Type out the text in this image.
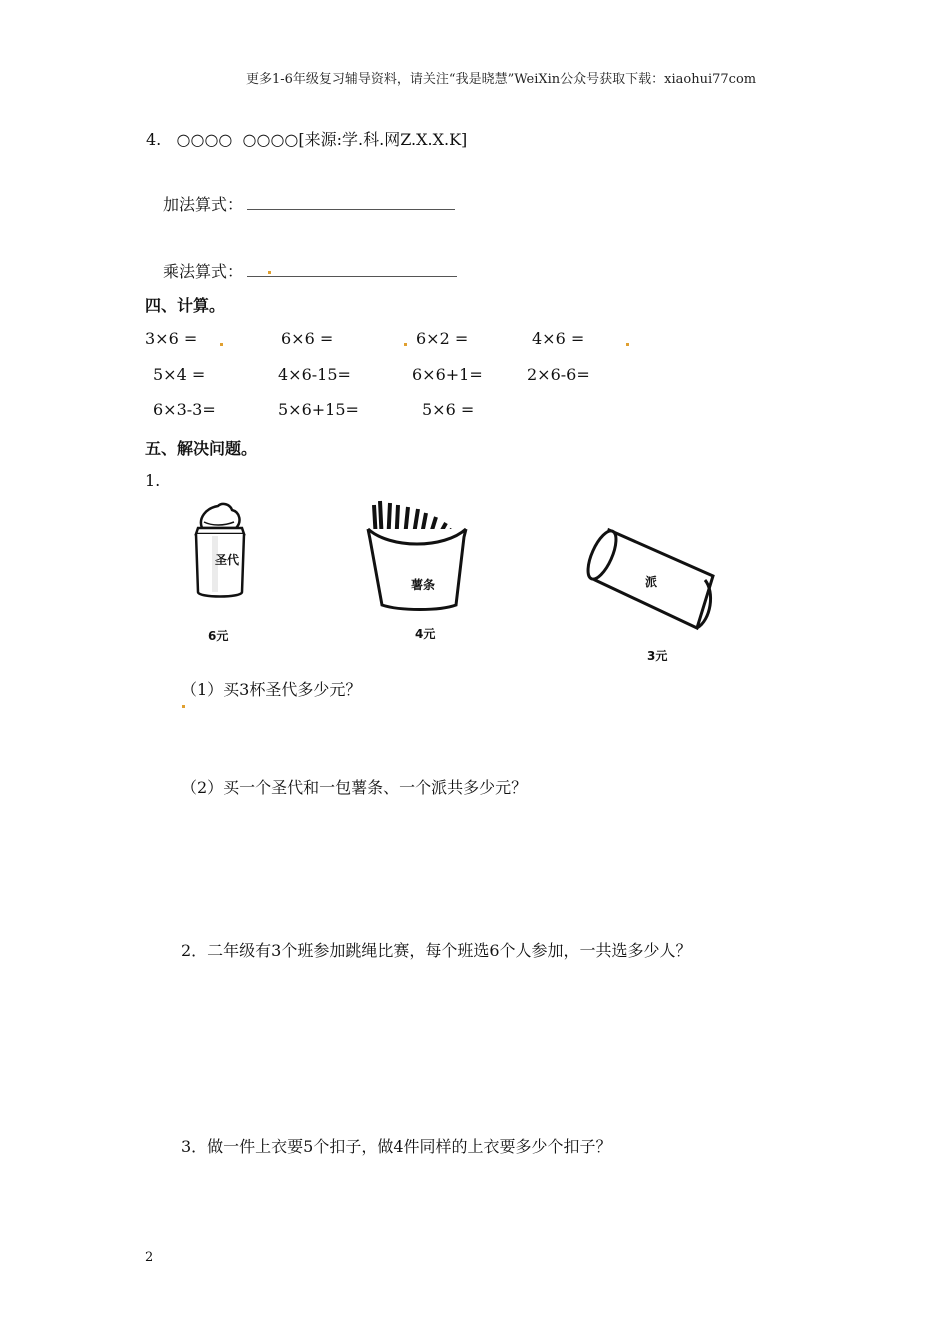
更多1-6年级复习辅导资料，请关注“我是晓慧”WeiXin公众号获取下载：xiaohui77com
4. ○○○○ ○○○○[来源:学.科.网Z.X.X.K]
加法算式：
乘法算式：
四、计算。
3×6 =	6×6 =	6×2 =	4×6 =
5×4 =	4×6-15=	6×6+1=	2×6-6=
6×3-3=	5×6+15=	5×6 =
五、解决问题。
1.
圣代
6元
薯条
4元
派
3元
（1）买3杯圣代多少元？
（2）买一个圣代和一包薯条、一个派共多少元？
2．二年级有3个班参加跳绳比赛，每个班选6个人参加，一共选多少人？
3．做一件上衣要5个扣子，做4件同样的上衣要多少个扣子？
2
